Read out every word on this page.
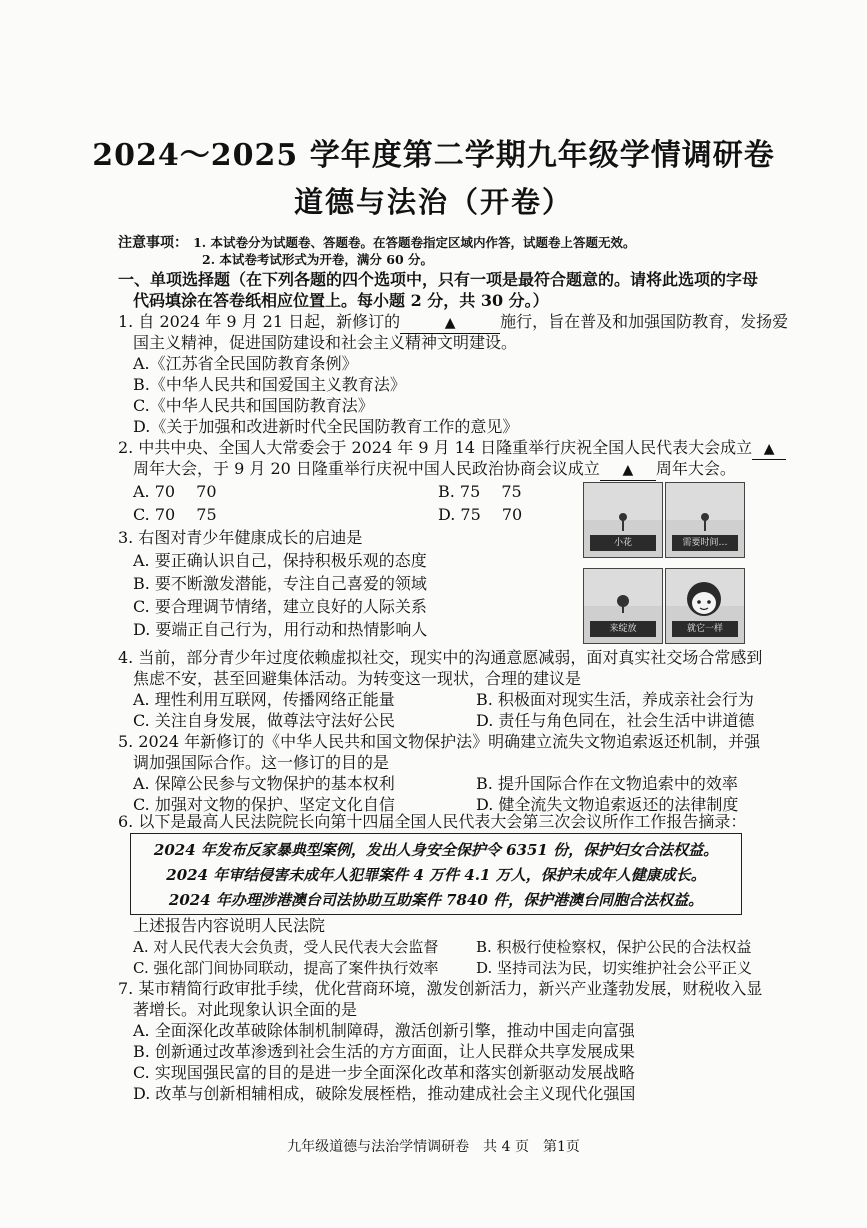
2024～2025 学年度第二学期九年级学情调研卷
道德与法治（开卷）
注意事项： 1. 本试卷分为试题卷、答题卷。在答题卷指定区域内作答，试题卷上答题无效。
2. 本试卷考试形式为开卷，满分 60 分。
一、单项选择题（在下列各题的四个选项中，只有一项是最符合题意的。请将此选项的字母
代码填涂在答卷纸相应位置上。每小题 2 分，共 30 分。）
1. 自 2024 年 9 月 21 日起，新修订的	▲	施行，旨在普及和加强国防教育，发扬爱
国主义精神，促进国防建设和社会主义精神文明建设。
A.《江苏省全民国防教育条例》
B.《中华人民共和国爱国主义教育法》
C.《中华人民共和国国防教育法》
D.《关于加强和改进新时代全民国防教育工作的意见》
2. 中共中央、全国人大常委会于 2024 年 9 月 14 日隆重举行庆祝全国人民代表大会成立 ▲
周年大会，于 9 月 20 日隆重举行庆祝中国人民政治协商会议成立 ▲ 周年大会。
A. 70　 70	B. 75　 75
C. 70　 75	D. 75　 70
3. 右图对青少年健康成长的启迪是
A. 要正确认识自己，保持积极乐观的态度
B. 要不断激发潜能，专注自己喜爱的领域
C. 要合理调节情绪，建立良好的人际关系
D. 要端正自己行为，用行动和热情影响人
小花	需要时间…
来绽放	就它一样
4. 当前，部分青少年过度依赖虚拟社交，现实中的沟通意愿减弱，面对真实社交场合常感到
焦虑不安，甚至回避集体活动。为转变这一现状，合理的建议是
A. 理性利用互联网，传播网络正能量	B. 积极面对现实生活，养成亲社会行为
C. 关注自身发展，做尊法守法好公民	D. 责任与角色同在，社会生活中讲道德
5. 2024 年新修订的《中华人民共和国文物保护法》明确建立流失文物追索返还机制，并强
调加强国际合作。这一修订的目的是
A. 保障公民参与文物保护的基本权利	B. 提升国际合作在文物追索中的效率
C. 加强对文物的保护、坚定文化自信	D. 健全流失文物追索返还的法律制度
6. 以下是最高人民法院院长向第十四届全国人民代表大会第三次会议所作工作报告摘录：
2024 年发布反家暴典型案例，发出人身安全保护令 6351 份，保护妇女合法权益。
2024 年审结侵害未成年人犯罪案件 4 万件 4.1 万人，保护未成年人健康成长。
2024 年办理涉港澳台司法协助互助案件 7840 件，保护港澳台同胞合法权益。
上述报告内容说明人民法院
A. 对人民代表大会负责，受人民代表大会监督	B. 积极行使检察权，保护公民的合法权益
C. 强化部门间协同联动，提高了案件执行效率	D. 坚持司法为民，切实维护社会公平正义
7. 某市精简行政审批手续，优化营商环境，激发创新活力，新兴产业蓬勃发展，财税收入显
著增长。对此现象认识全面的是
A. 全面深化改革破除体制机制障碍，激活创新引擎，推动中国走向富强
B. 创新通过改革渗透到社会生活的方方面面，让人民群众共享发展成果
C. 实现国强民富的目的是进一步全面深化改革和落实创新驱动发展战略
D. 改革与创新相辅相成，破除发展桎梏，推动建成社会主义现代化强国
九年级道德与法治学情调研卷　共 4 页　第1页
